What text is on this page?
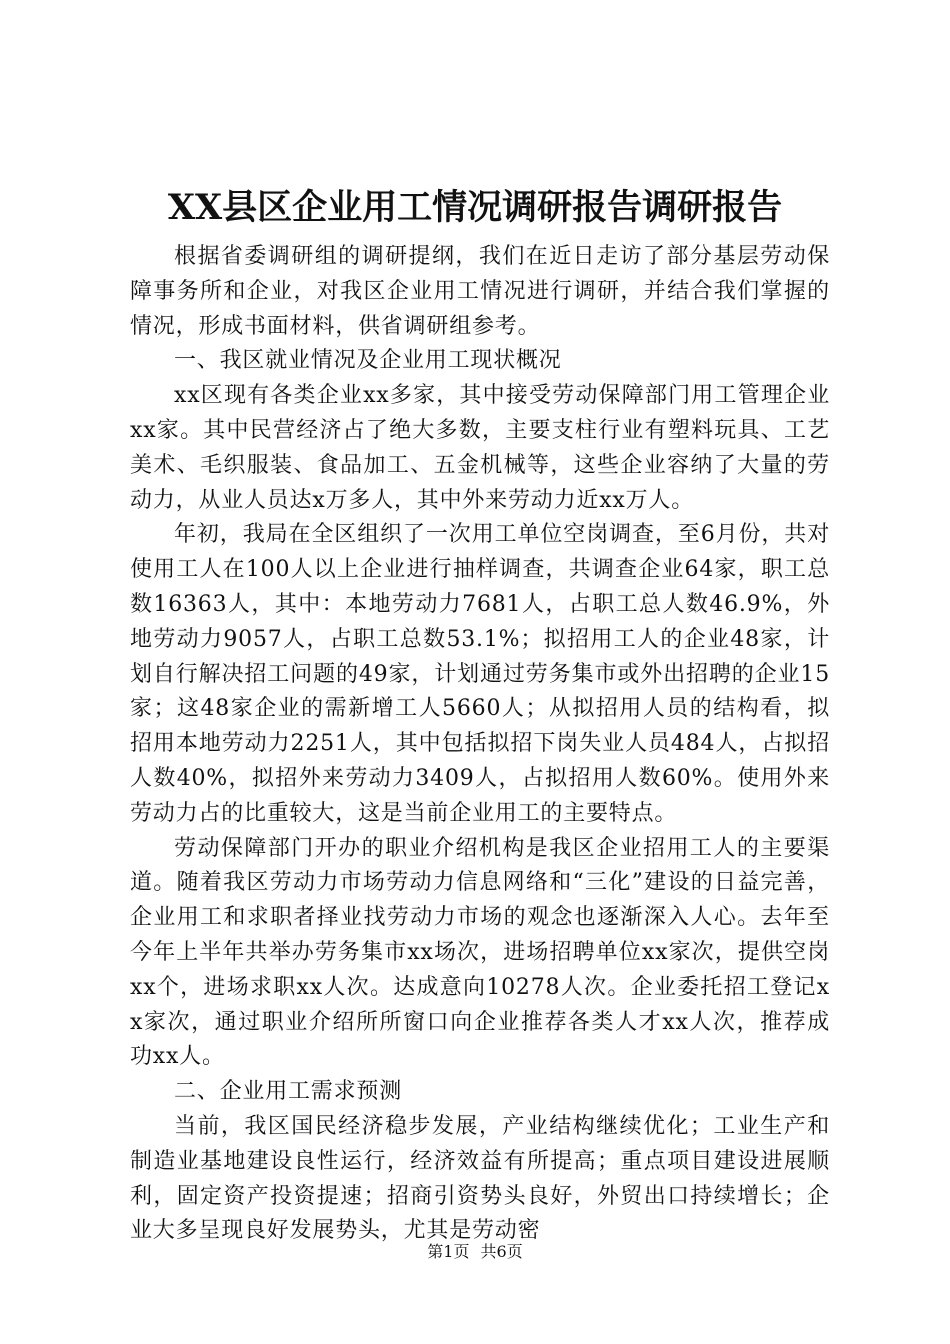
XX县区企业用工情况调研报告调研报告

根据省委调研组的调研提纲，我们在近日走访了部分基层劳动保障事务所和企业，对我区企业用工情况进行调研，并结合我们掌握的情况，形成书面材料，供省调研组参考。

一、我区就业情况及企业用工现状概况

xx区现有各类企业xx多家，其中接受劳动保障部门用工管理企业xx家。其中民营经济占了绝大多数，主要支柱行业有塑料玩具、工艺美术、毛织服装、食品加工、五金机械等，这些企业容纳了大量的劳动力，从业人员达x万多人，其中外来劳动力近xx万人。

年初，我局在全区组织了一次用工单位空岗调查，至6月份，共对使用工人在100人以上企业进行抽样调查，共调查企业64家，职工总数16363人，其中：本地劳动力7681人，占职工总人数46.9%，外地劳动力9057人，占职工总数53.1%；拟招用工人的企业48家，计划自行解决招工问题的49家，计划通过劳务集市或外出招聘的企业15家；这48家企业的需新增工人5660人；从拟招用人员的结构看，拟招用本地劳动力2251人，其中包括拟招下岗失业人员484人，占拟招人数40%，拟招外来劳动力3409人，占拟招用人数60%。使用外来劳动力占的比重较大，这是当前企业用工的主要特点。

劳动保障部门开办的职业介绍机构是我区企业招用工人的主要渠道。随着我区劳动力市场劳动力信息网络和“三化”建设的日益完善，企业用工和求职者择业找劳动力市场的观念也逐渐深入人心。去年至今年上半年共举办劳务集市xx场次，进场招聘单位xx家次，提供空岗xx个，进场求职xx人次。达成意向10278人次。企业委托招工登记xx家次，通过职业介绍所所窗口向企业推荐各类人才xx人次，推荐成功xx人。

二、企业用工需求预测

当前，我区国民经济稳步发展，产业结构继续优化；工业生产和制造业基地建设良性运行，经济效益有所提高；重点项目建设进展顺利，固定资产投资提速；招商引资势头良好，外贸出口持续增长；企业大多呈现良好发展势头，尤其是劳动密

第1页 共6页
